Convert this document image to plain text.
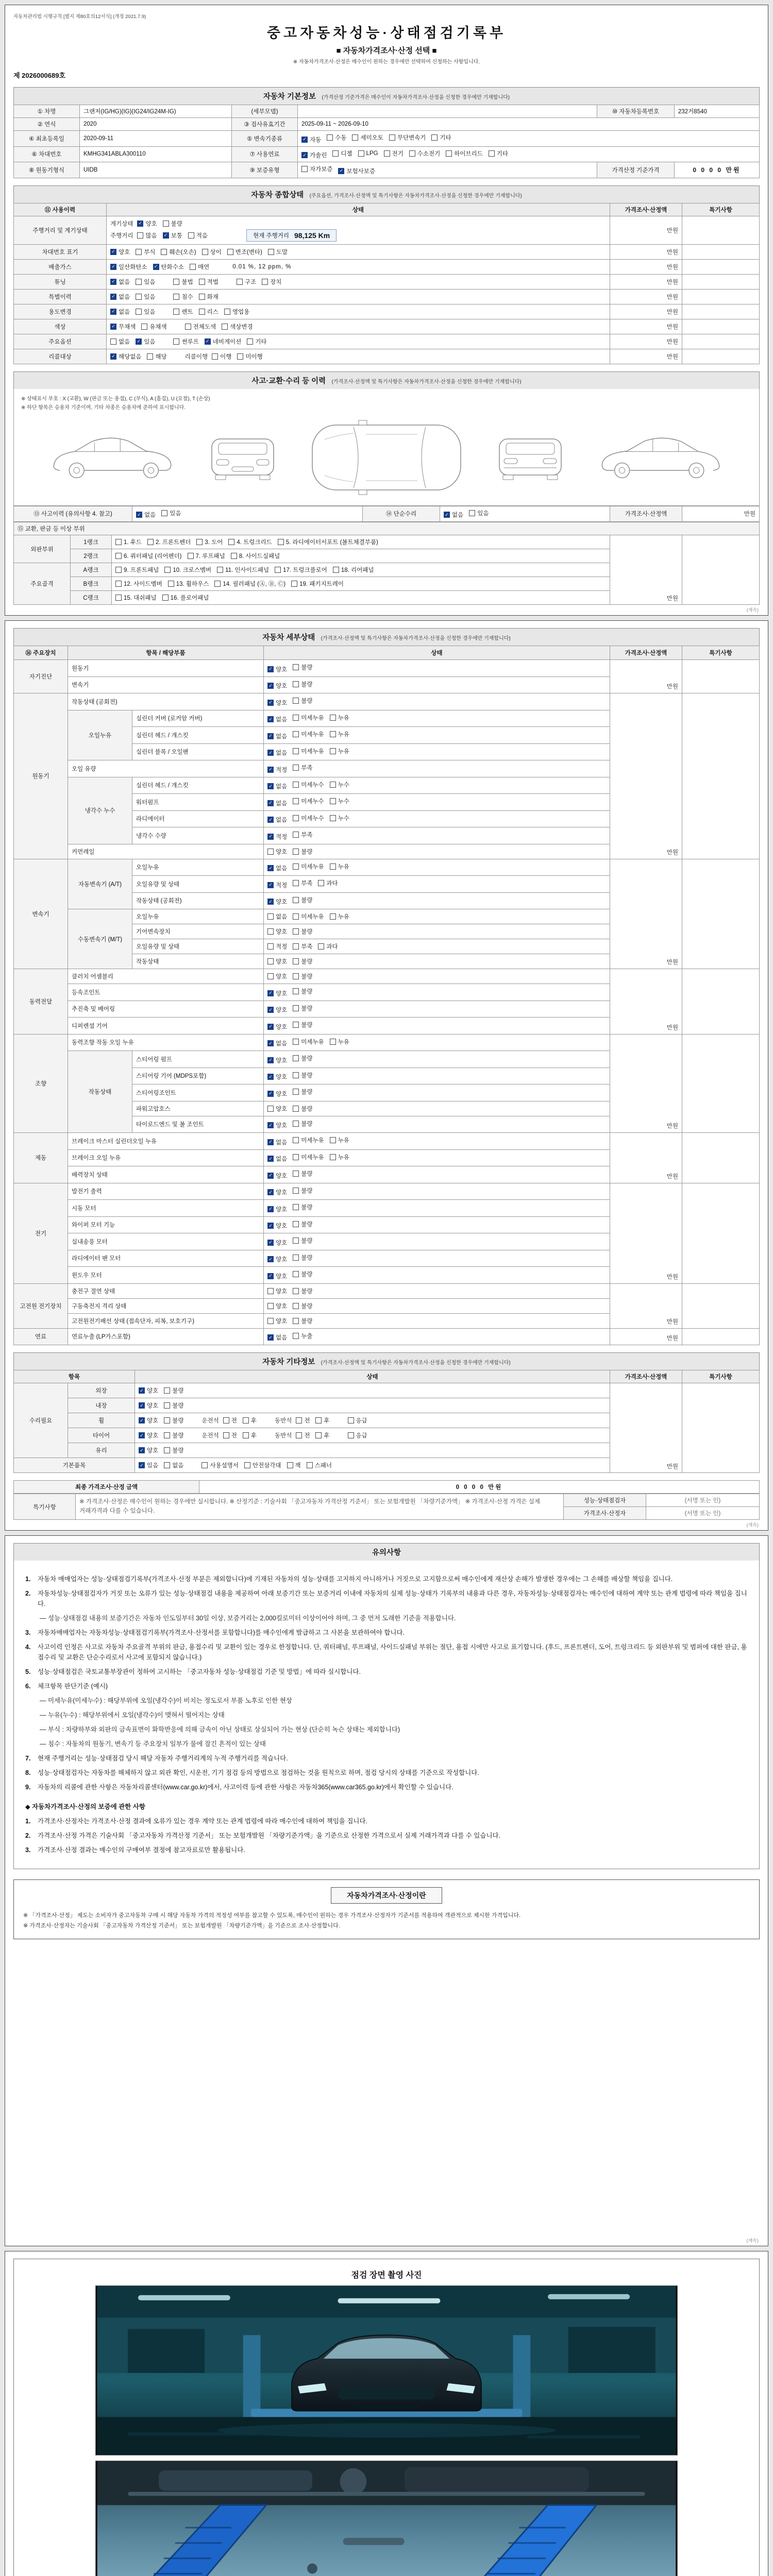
자동차관리법 시행규칙 [별지 제80호의12서식] (개정 2021.7.9)
중고자동차성능·상태점검기록부
■ 자동차가격조사·산정 선택 ■
※ 자동차가격조사·산정은 매수인이 원하는 경우에만 선택하여 신청하는 사항입니다.
제 2026000689호
자동차 기본정보 (가격산정 기준가격은 매수인이 자동차가격조사·산정을 신청한 경우에만 기재합니다)
① 차명	그랜저(IG/HG)(IG)(IG24/IG24M-IG)	(세부모델)		⑩ 자동차등록번호	232거8540
② 연식	2020	③ 검사유효기간	2025-09-11 ~ 2026-09-10		
④ 최초등록일	2020-09-11	⑤ 변속기종류	✓ 자동 수동 세미오토 무단변속기 기타

⑥ 차대번호	KMHG341ABLA300110	⑦ 사용연료	✓ 가솔린 디젤 LPG 전기 수소전기 하이브리드 기타

⑧ 원동기형식	UIDB	⑨ 보증유형	자가보증 ✓ 보험사보증	가격산정 기준가격	0 0 0 0 만원
자동차 종합상태 (주요옵션, 가격조사·산정액 및 특기사항은 자동차가격조사·산정을 신청한 경우에만 기재합니다)
⑪ 사용이력	상태	가격조사·산정액	특기사항
주행거리 및 계기상태	
계기상태 ✓ 양호 불량
주행거리 많음 ✓ 보통 적음	현재 주행거리 98,125 Km
	만원	
차대번호 표기	✓ 양호 부식 훼손(오손) 상이 변조(변타) 도말	만원	
배출가스	✓ 일산화탄소 ✓ 탄화수소 매연	0.01 %, 12 ppm, %	만원	
튜닝	✓ 없음 있음	불법 적법	구조 장치	만원	
특별이력	✓ 없음 있음 침수 화재	만원	
용도변경	✓ 없음 있음	렌트 리스 영업용	만원	
색상	✓ 무채색 유채색 전체도색 색상변경	만원	
주요옵션	없음 ✓ 있음	썬루프 ✓ 네비게이션 기타	만원	
리콜대상	✓ 해당없음 해당	리콜이행 이행 미이행	만원	
사고·교환·수리 등 이력 (가격조사·산정액 및 특기사항은 자동차가격조사·산정을 신청한 경우에만 기재합니다)
※ 상태표시 부호 : X (교환), W (판금 또는 용접), C (부식), A (흠집), U (요철), T (손상)
※ 하단 항목은 승용차 기준이며, 기타 차종은 승용차에 준하여 표시합니다.
⑬ 사고이력 (유의사항 4. 참고)	✓ 없음 있음	⑭ 단순수리	✓ 없음 있음	가격조사·산정액	만원
⑮ 교환, 판금 등 이상 부위				
외판부위	1랭크	1. 후드 2. 프론트펜더 3. 도어 4. 트렁크리드 5. 라디에이터서포트 (볼트체결부품)	만원	
	2랭크	6. 쿼터패널 (리어펜더) 7. 루프패널 8. 사이드실패널		

주요골격	A랭크	9. 프론트패널 10. 크로스멤버 11. 인사이드패널 17. 트렁크플로어 18. 리어패널		

	B랭크	12. 사이드멤버 13. 휠하우스 14. 필러패널 (Ⓐ, Ⓑ, Ⓒ) 19. 패키지트레이		

	C랭크	15. 대쉬패널 16. 플로어패널		
(계속)
자동차 세부상태 (가격조사·산정액 및 특기사항은 자동차가격조사·산정을 신청한 경우에만 기재합니다)
⑯ 주요장치	항목 / 해당부품		상태	가격조사·산정액	특기사항
자기진단	원동기		✓ 양호 불량	만원	
	변속기		✓ 양호 불량		

원동기	작동상태 (공회전)		✓ 양호 불량	만원	
	오일누유	실린더 커버 (로커암 커버)	✓ 없음 미세누유 누유		

		실린더 헤드 / 개스킷	✓ 없음 미세누유 누유		

		실린더 블록 / 오일팬	✓ 없음 미세누유 누유		

	오일 유량		✓ 적정 부족		

	냉각수 누수	실린더 헤드 / 개스킷	✓ 없음 미세누수 누수		

		워터펌프	✓ 없음 미세누수 누수		

		라디에이터	✓ 없음 미세누수 누수		

		냉각수 수량	✓ 적정 부족		

	커먼레일		양호 불량		

변속기	자동변속기 (A/T)	오일누유	✓ 없음 미세누유 누유	만원	
		오일유량 및 상태	✓ 적정 부족 과다		

		작동상태 (공회전)	✓ 양호 불량		

	수동변속기 (M/T)	오일누유	없음 미세누유 누유		

		기어변속장치	양호 불량		

		오일유량 및 상태	적정 부족 과다		

		작동상태	양호 불량		

동력전달	클러치 어셈블리		양호 불량	만원	
	등속조인트		✓ 양호 불량		

	추진축 및 베어링		✓ 양호 불량		

	디퍼렌셜 기어		✓ 양호 불량		

조향	동력조향 작동 오일 누유		✓ 없음 미세누유 누유	만원	
	작동상태	스티어링 펌프	✓ 양호 불량		

		스티어링 기어 (MDPS포함)	✓ 양호 불량		

		스티어링조인트	✓ 양호 불량		

		파워고압호스	양호 불량		

		타이로드엔드 및 볼 조인트	✓ 양호 불량		

제동	브레이크 마스터 실린더오일 누유		✓ 없음 미세누유 누유	만원	
	브레이크 오일 누유		✓ 없음 미세누유 누유		

	배력장치 상태		✓ 양호 불량		

전기	발전기 출력		✓ 양호 불량	만원	
	시동 모터		✓ 양호 불량		

	와이퍼 모터 기능		✓ 양호 불량		

	실내송풍 모터		✓ 양호 불량		

	라디에이터 팬 모터		✓ 양호 불량		

	윈도우 모터		✓ 양호 불량		

고전원 전기장치	충전구 절연 상태		양호 불량	만원	
	구동축전지 격리 상태		양호 불량		

	고전원전기배선 상태 (접속단자, 피복, 보호기구)		양호 불량		

연료	연료누출 (LP가스포함)		✓ 없음 누출	만원	
자동차 기타정보 (가격조사·산정액 및 특기사항은 자동차가격조사·산정을 신청한 경우에만 기재합니다)
항목		상태	가격조사·산정액	특기사항
수리필요	외장	✓ 양호 불량	만원	
	내장	✓ 양호 불량		

휠	✓ 양호 불량	운전석 전 후	동반석 전 후	응급

타이어	✓ 양호 불량	운전석 전 후	동반석 전 후	응급

	유리	✓ 양호 불량		

기본품목	✓ 있음 없음	사용설명서 안전삼각대 잭 스패너
최종 가격조사·산정 금액	0 0 0 0 만원
특기사항	※ 가격조사·산정은 매수인이 원하는 경우에만 실시합니다. ※ 산정기준 : 기술사회 「중고자동차 가격산정 기준서」 또는 보험개발원 「차량기준가액」 ※ 가격조사·산정 가격은 실제 거래가격과 다를 수 있습니다.	성능·상태점검자	(서명 또는 인)
		가격조사·산정자	(서명 또는 인)
(계속)
유의사항
1.	자동차 매매업자는 성능·상태점검기록부(가격조사·산정 부분은 제외합니다)에 기재된 자동차의 성능·상태를 고지하지 아니하거나 거짓으로 고지함으로써 매수인에게 재산상 손해가 발생한 경우에는 그 손해를 배상할 책임을 집니다.
2.	자동차성능·상태점검자가 거짓 또는 오류가 있는 성능·상태점검 내용을 제공하여 아래 보증기간 또는 보증거리 이내에 자동차의 실제 성능·상태가 기록부의 내용과 다른 경우, 자동차성능·상태점검자는 매수인에 대하여 계약 또는 관계 법령에 따라 책임을 집니다.
― 성능·상태점검 내용의 보증기간은 자동차 인도일부터 30일 이상, 보증거리는 2,000킬로미터 이상이어야 하며, 그 중 먼저 도래한 기준을 적용합니다.
3.	자동차매매업자는 자동차성능·상태점검기록부(가격조사·산정서를 포함합니다)를 매수인에게 발급하고 그 사본을 보관하여야 합니다.
4.	사고이력 인정은 사고로 자동차 주요골격 부위의 판금, 용접수리 및 교환이 있는 경우로 한정합니다. 단, 쿼터패널, 루프패널, 사이드실패널 부위는 절단, 용접 시에만 사고로 표기합니다. (후드, 프론트펜더, 도어, 트렁크리드 등 외판부위 및 범퍼에 대한 판금, 용접수리 및 교환은 단순수리로서 사고에 포함되지 않습니다.)
5.	성능·상태점검은 국토교통부장관이 정하여 고시하는 「중고자동차 성능·상태점검 기준 및 방법」에 따라 실시합니다.
6.	체크항목 판단기준 (예시)
― 미세누유(미세누수) : 해당부위에 오일(냉각수)이 비치는 정도로서 부품 노후로 인한 현상
― 누유(누수) : 해당부위에서 오일(냉각수)이 맺혀서 떨어지는 상태
― 부식 : 차량하부와 외판의 금속표면이 화학반응에 의해 금속이 아닌 상태로 상실되어 가는 현상 (단순히 녹슨 상태는 제외합니다)
― 침수 : 자동차의 원동기, 변속기 등 주요장치 일부가 물에 잠긴 흔적이 있는 상태
7.	현재 주행거리는 성능·상태점검 당시 해당 자동차 주행거리계의 누적 주행거리를 적습니다.
8.	성능·상태점검자는 자동차를 해체하지 않고 외관 확인, 시운전, 기기 점검 등의 방법으로 점검하는 것을 원칙으로 하며, 점검 당시의 상태를 기준으로 작성합니다.
9.	자동차의 리콜에 관한 사항은 자동차리콜센터(www.car.go.kr)에서, 사고이력 등에 관한 사항은 자동차365(www.car365.go.kr)에서 확인할 수 있습니다.
◆ 자동차가격조사·산정의 보증에 관한 사항
1.	가격조사·산정자는 가격조사·산정 결과에 오류가 있는 경우 계약 또는 관계 법령에 따라 매수인에 대하여 책임을 집니다.
2.	가격조사·산정 가격은 기술사회 「중고자동차 가격산정 기준서」 또는 보험개발원 「차량기준가액」을 기준으로 산정한 가격으로서 실제 거래가격과 다를 수 있습니다.
3.	가격조사·산정 결과는 매수인의 구매여부 결정에 참고자료로만 활용됩니다.
자동차가격조사·산정이란

※ 「가격조사·산정」 제도는 소비자가 중고자동차 구매 시 해당 자동차 가격의 적정성 여부를 참고할 수 있도록, 매수인이 원하는 경우 가격조사·산정자가 기준서를 적용하여 객관적으로 제시한 가격입니다.

※ 가격조사·산정자는 기술사회 「중고자동차 가격산정 기준서」 또는 보험개발원 「차량기준가액」을 기준으로 조사·산정합니다.

(계속)
점검 장면 촬영 사진
